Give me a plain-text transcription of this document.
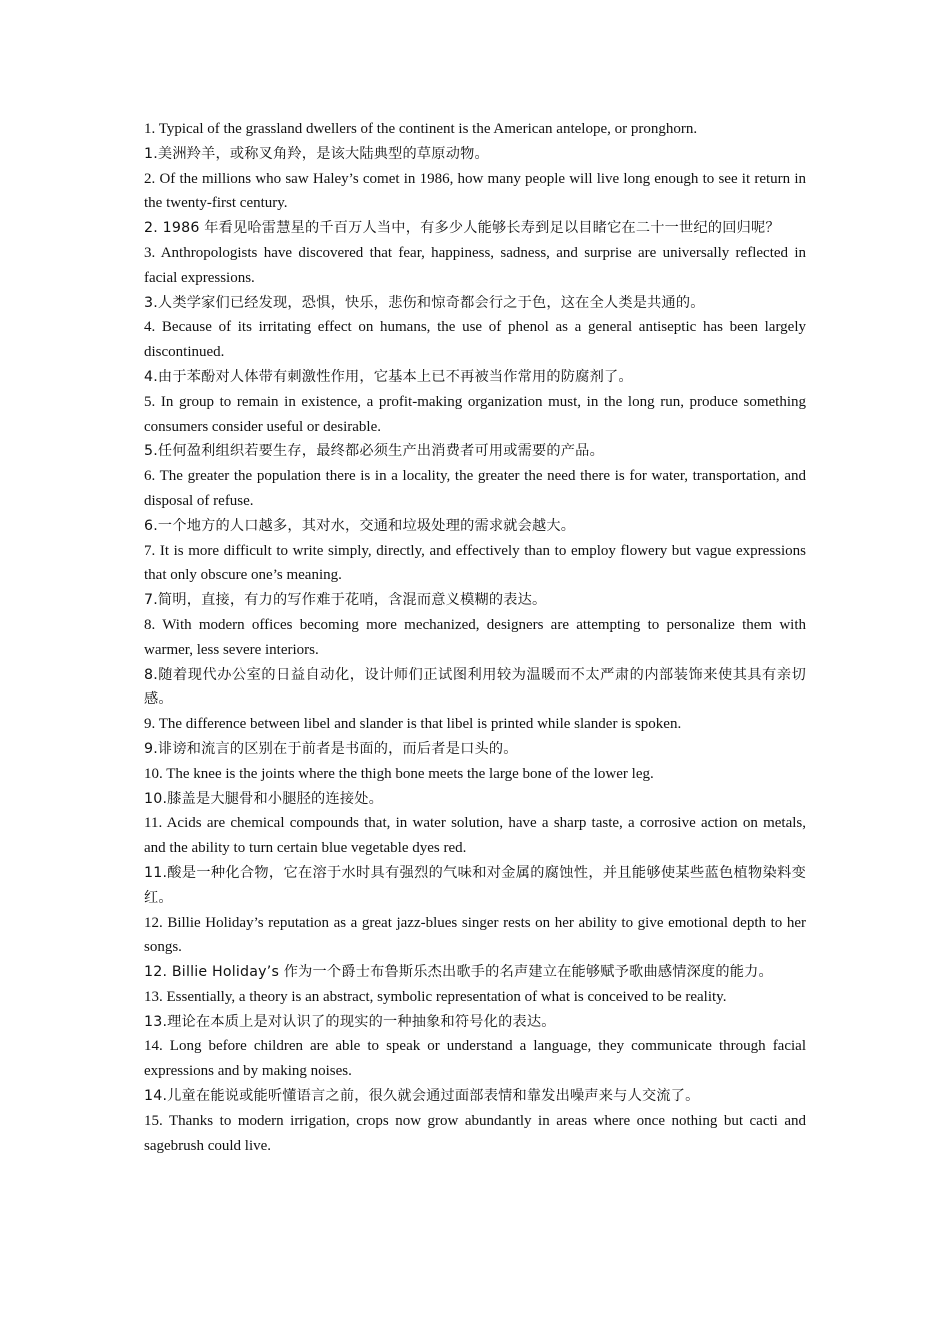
1. Typical of the grassland dwellers of the continent is the American antelope, or pronghorn.

1.美洲羚羊，或称叉角羚，是该大陆典型的草原动物。

2. Of the millions who saw Haley’s comet in 1986, how many people will live long enough to see it return in the twenty-first century.

2. 1986 年看见哈雷慧星的千百万人当中，有多少人能够长寿到足以目睹它在二十一世纪的回归呢？

3. Anthropologists have discovered that fear, happiness, sadness, and surprise are universally reflected in facial expressions.

3.人类学家们已经发现，恐惧，快乐，悲伤和惊奇都会行之于色，这在全人类是共通的。

4. Because of its irritating effect on humans, the use of phenol as a general antiseptic has been largely discontinued.

4.由于苯酚对人体带有刺激性作用，它基本上已不再被当作常用的防腐剂了。

5. In group to remain in existence, a profit-making organization must, in the long run, produce something consumers consider useful or desirable.

5.任何盈利组织若要生存，最终都必须生产出消费者可用或需要的产品。

6. The greater the population there is in a locality, the greater the need there is for water, transportation, and disposal of refuse.

6.一个地方的人口越多，其对水，交通和垃圾处理的需求就会越大。

7. It is more difficult to write simply, directly, and effectively than to employ flowery but vague expressions that only obscure one’s meaning.

7.简明，直接，有力的写作难于花哨，含混而意义模糊的表达。

8. With modern offices becoming more mechanized, designers are attempting to personalize them with warmer, less severe interiors.

8.随着现代办公室的日益自动化，设计师们正试图利用较为温暖而不太严肃的内部装饰来使其具有亲切感。

9. The difference between libel and slander is that libel is printed while slander is spoken.

9.诽谤和流言的区别在于前者是书面的，而后者是口头的。

10. The knee is the joints where the thigh bone meets the large bone of the lower leg.

10.膝盖是大腿骨和小腿胫的连接处。

11. Acids are chemical compounds that, in water solution, have a sharp taste, a corrosive action on metals, and the ability to turn certain blue vegetable dyes red.

11.酸是一种化合物，它在溶于水时具有强烈的气味和对金属的腐蚀性，并且能够使某些蓝色植物染料变红。

12. Billie Holiday’s reputation as a great jazz-blues singer rests on her ability to give emotional depth to her songs.

12. Billie Holiday’s 作为一个爵士布鲁斯乐杰出歌手的名声建立在能够赋予歌曲感情深度的能力。

13. Essentially, a theory is an abstract, symbolic representation of what is conceived to be reality.

13.理论在本质上是对认识了的现实的一种抽象和符号化的表达。

14. Long before children are able to speak or understand a language, they communicate through facial expressions and by making noises.

14.儿童在能说或能听懂语言之前，很久就会通过面部表情和靠发出噪声来与人交流了。

15. Thanks to modern irrigation, crops now grow abundantly in areas where once nothing but cacti and sagebrush could live.
